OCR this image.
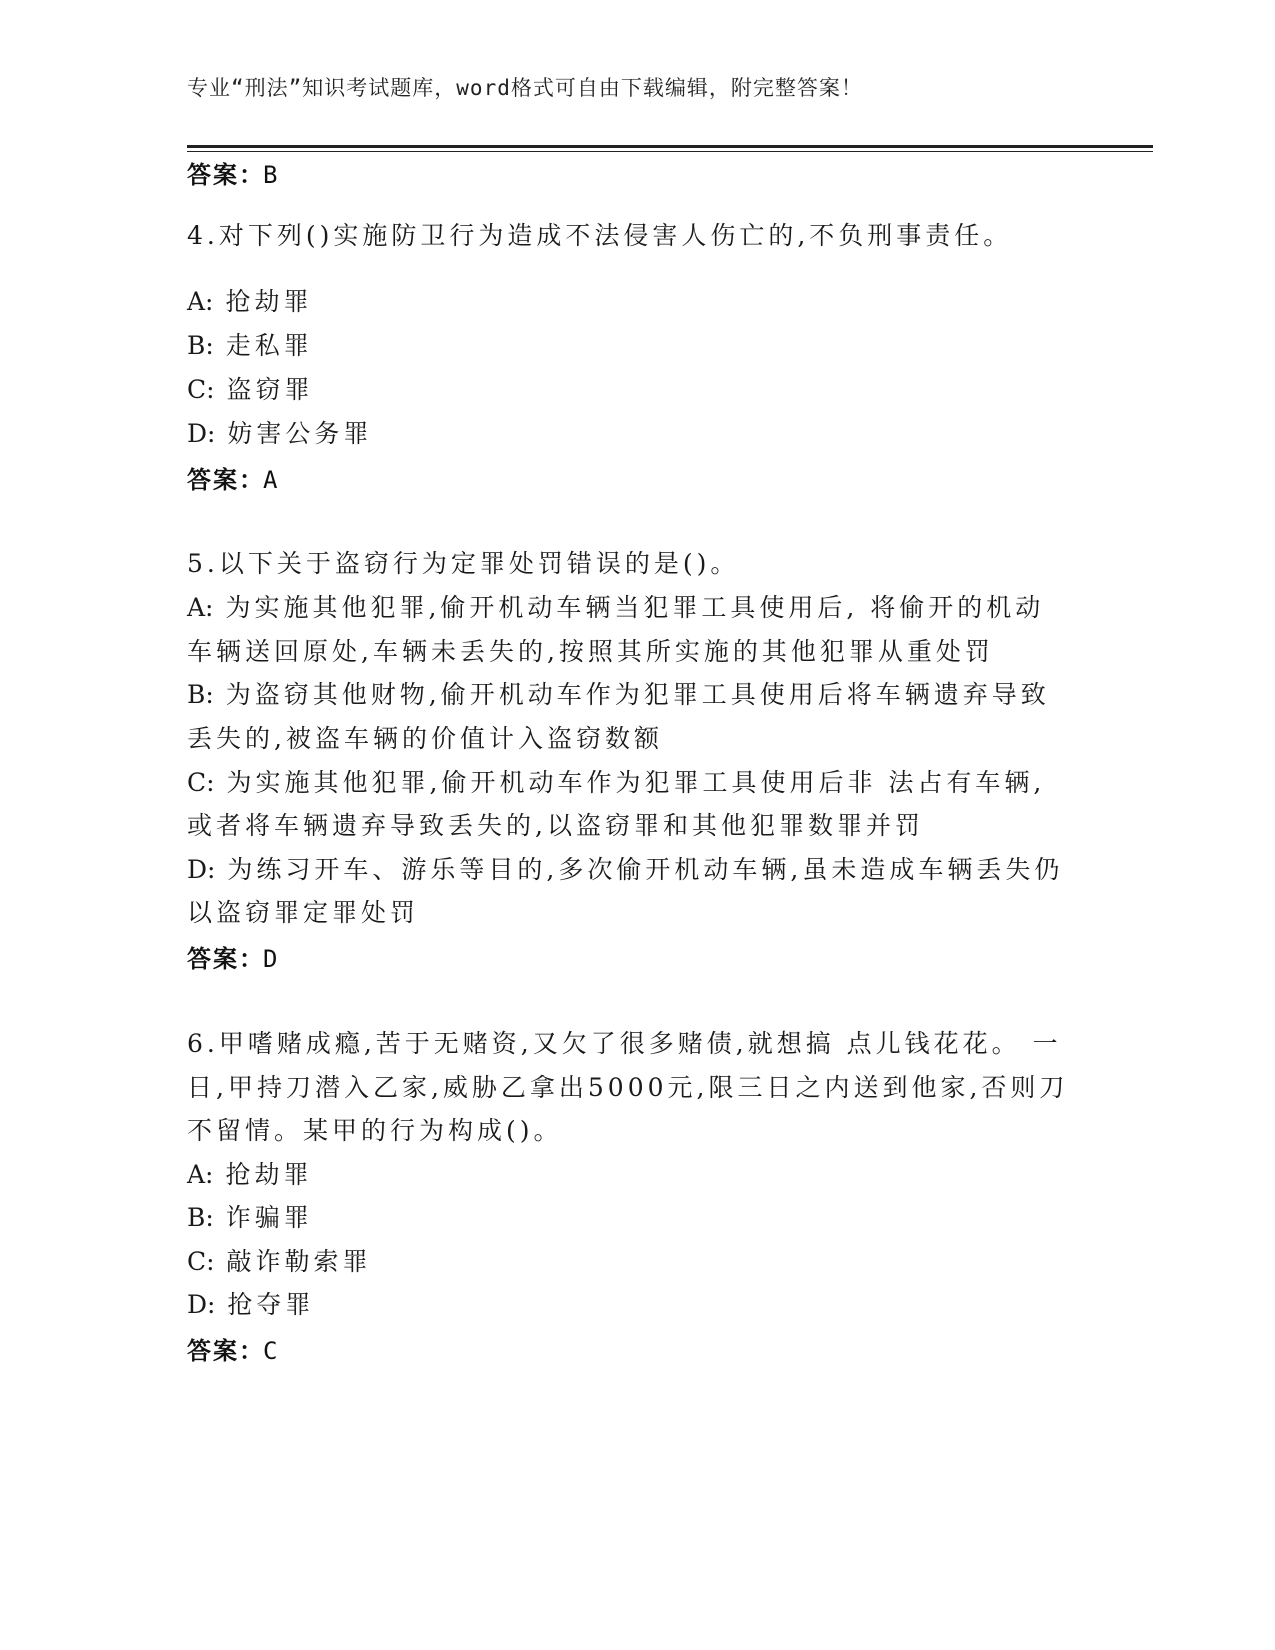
专业“刑法”知识考试题库，word格式可自由下载编辑，附完整答案！
答案：B
4.对下列()实施防卫行为造成不法侵害人伤亡的,不负刑事责任。
A: 抢劫罪
B: 走私罪
C: 盗窃罪
D: 妨害公务罪
答案：A
5.以下关于盗窃行为定罪处罚错误的是()。
A: 为实施其他犯罪,偷开机动车辆当犯罪工具使用后, 将偷开的机动
车辆送回原处,车辆未丢失的,按照其所实施的其他犯罪从重处罚
B: 为盗窃其他财物,偷开机动车作为犯罪工具使用后将车辆遗弃导致
丢失的,被盗车辆的价值计入盗窃数额
C: 为实施其他犯罪,偷开机动车作为犯罪工具使用后非 法占有车辆,
或者将车辆遗弃导致丢失的,以盗窃罪和其他犯罪数罪并罚
D: 为练习开车、游乐等目的,多次偷开机动车辆,虽未造成车辆丢失仍
以盗窃罪定罪处罚
答案：D
6.甲嗜赌成瘾,苦于无赌资,又欠了很多赌债,就想搞 点儿钱花花。 一
日,甲持刀潜入乙家,威胁乙拿出5000元,限三日之内送到他家,否则刀
不留情。某甲的行为构成()。
A: 抢劫罪
B: 诈骗罪
C: 敲诈勒索罪
D: 抢夺罪
答案：C
